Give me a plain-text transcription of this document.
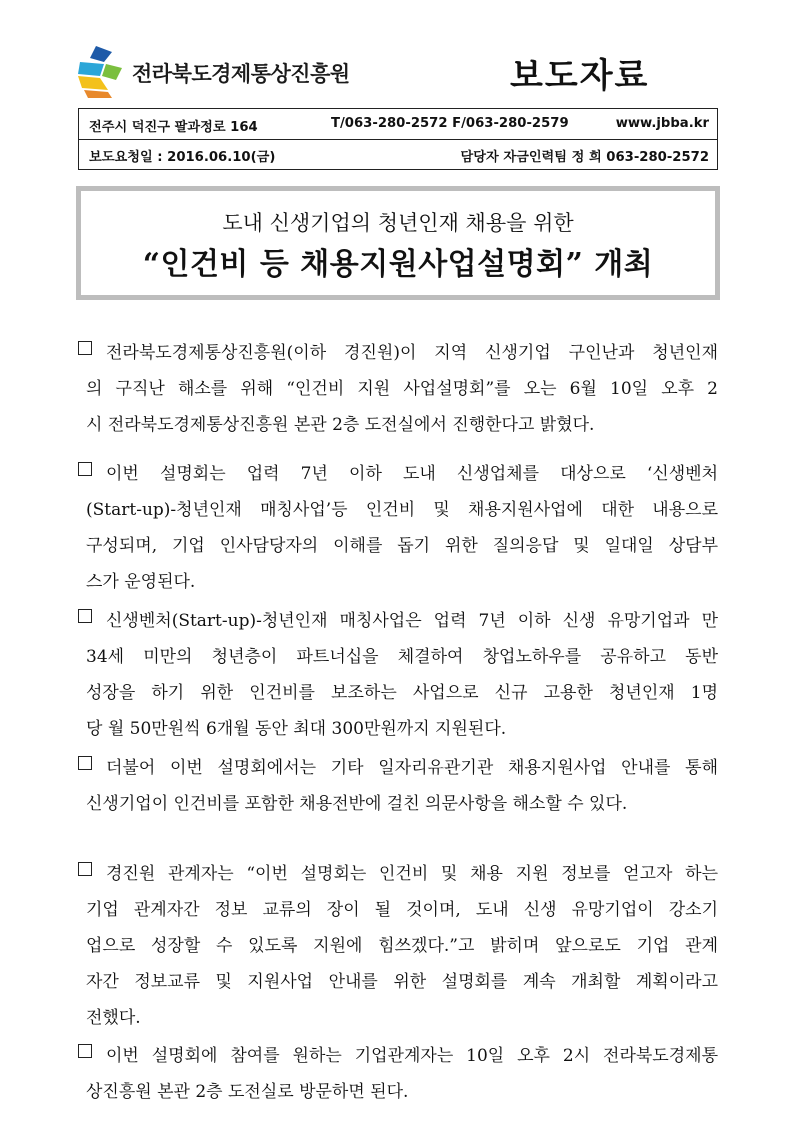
전라북도경제통상진흥원	보도자료
전주시 덕진구 팔과정로 164	T/063-280-2572 F/063-280-2579	www.jbba.kr
보도요청일 : 2016.06.10(금)	담당자 자금인력팀 정 희 063-280-2572
도내 신생기업의 청년인재 채용을 위한
“인건비 등 채용지원사업설명회” 개최
전라북도경제통상진흥원(이하 경진원)이 지역 신생기업 구인난과 청년인재
의 구직난 해소를 위해 “인건비 지원 사업설명회”를 오는 6월 10일 오후 2
시 전라북도경제통상진흥원 본관 2층 도전실에서 진행한다고 밝혔다.
이번 설명회는 업력 7년 이하 도내 신생업체를 대상으로 ‘신생벤처
(Start-up)-청년인재 매칭사업’등 인건비 및 채용지원사업에 대한 내용으로
구성되며, 기업 인사담당자의 이해를 돕기 위한 질의응답 및 일대일 상담부
스가 운영된다.
신생벤처(Start-up)-청년인재 매칭사업은 업력 7년 이하 신생 유망기업과 만
34세 미만의 청년층이 파트너십을 체결하여 창업노하우를 공유하고 동반
성장을 하기 위한 인건비를 보조하는 사업으로 신규 고용한 청년인재 1명
당 월 50만원씩 6개월 동안 최대 300만원까지 지원된다.
더불어 이번 설명회에서는 기타 일자리유관기관 채용지원사업 안내를 통해
신생기업이 인건비를 포함한 채용전반에 걸친 의문사항을 해소할 수 있다.
경진원 관계자는 “이번 설명회는 인건비 및 채용 지원 정보를 얻고자 하는
기업 관계자간 정보 교류의 장이 될 것이며, 도내 신생 유망기업이 강소기
업으로 성장할 수 있도록 지원에 힘쓰겠다.”고 밝히며 앞으로도 기업 관계
자간 정보교류 및 지원사업 안내를 위한 설명회를 계속 개최할 계획이라고
전했다.
이번 설명회에 참여를 원하는 기업관계자는 10일 오후 2시 전라북도경제통
상진흥원 본관 2층 도전실로 방문하면 된다.
